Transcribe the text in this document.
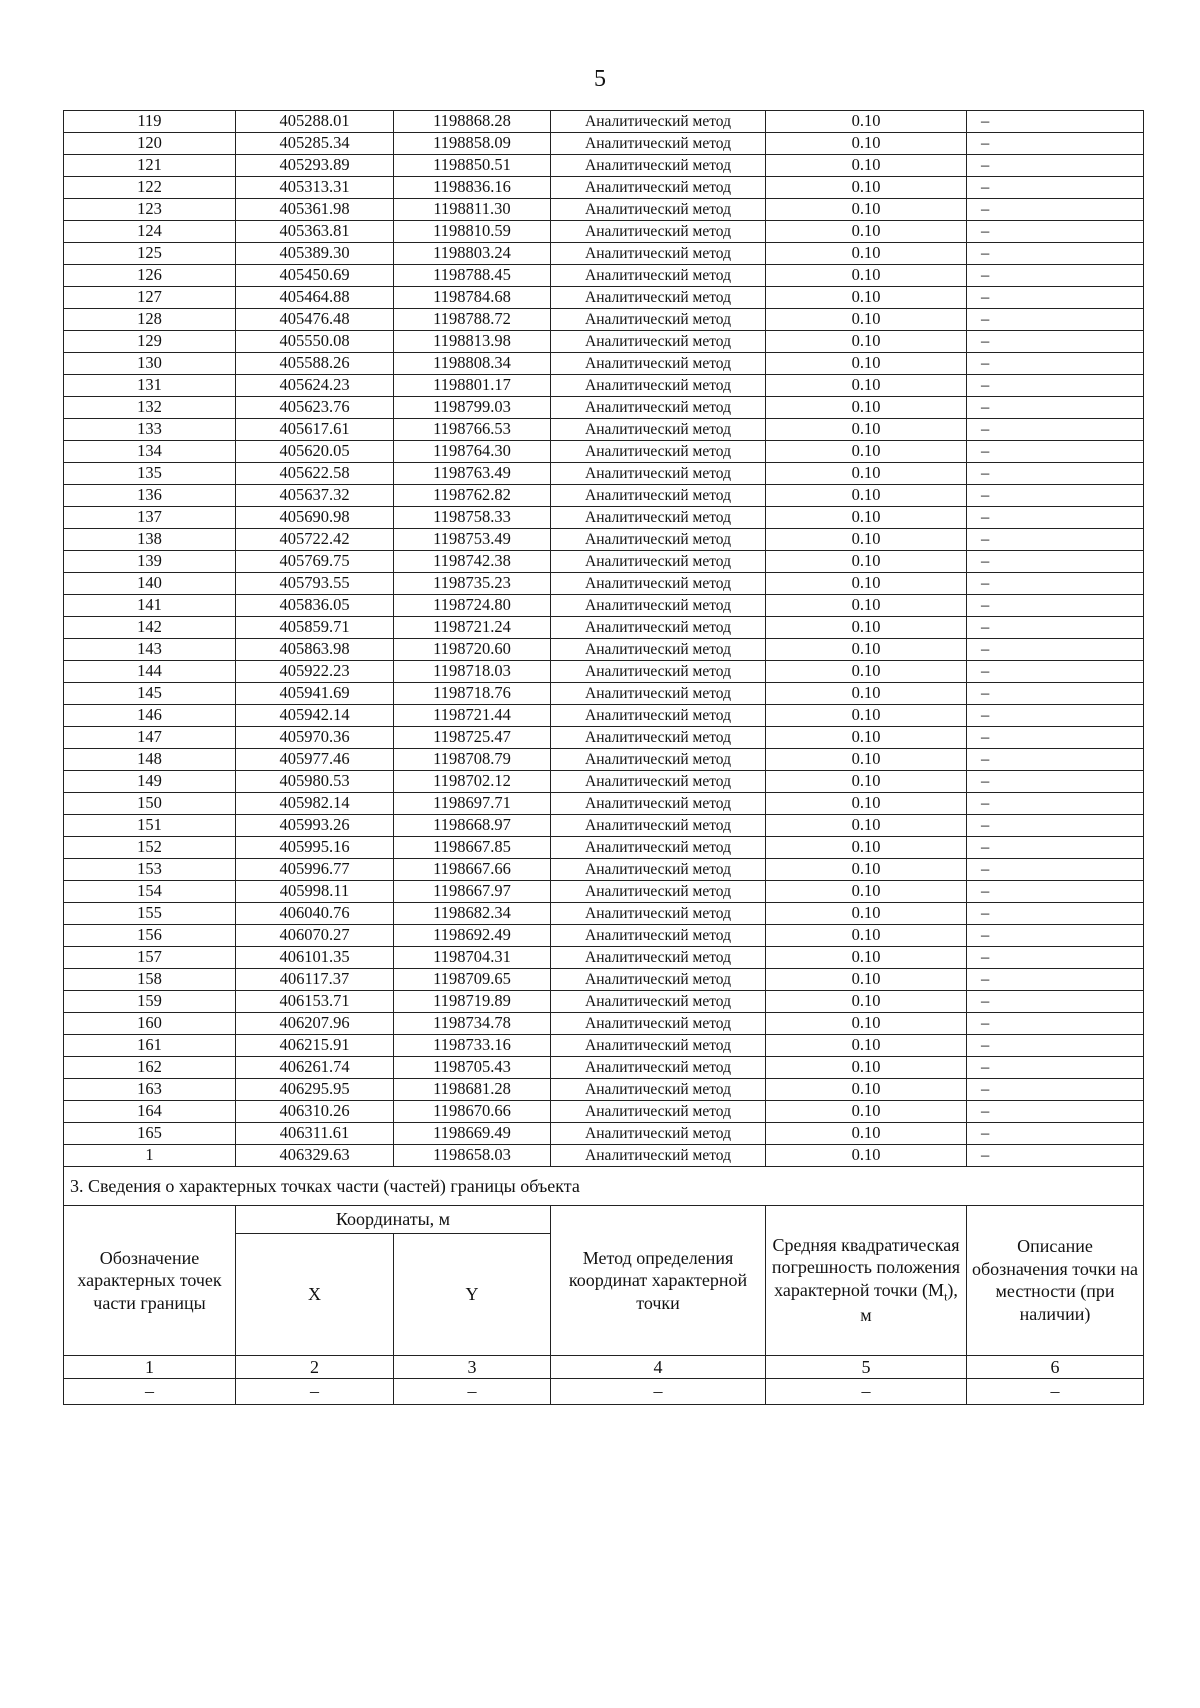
5
119	405288.01	1198868.28	Аналитический метод	0.10	–
120	405285.34	1198858.09	Аналитический метод	0.10	–
121	405293.89	1198850.51	Аналитический метод	0.10	–
122	405313.31	1198836.16	Аналитический метод	0.10	–
123	405361.98	1198811.30	Аналитический метод	0.10	–
124	405363.81	1198810.59	Аналитический метод	0.10	–
125	405389.30	1198803.24	Аналитический метод	0.10	–
126	405450.69	1198788.45	Аналитический метод	0.10	–
127	405464.88	1198784.68	Аналитический метод	0.10	–
128	405476.48	1198788.72	Аналитический метод	0.10	–
129	405550.08	1198813.98	Аналитический метод	0.10	–
130	405588.26	1198808.34	Аналитический метод	0.10	–
131	405624.23	1198801.17	Аналитический метод	0.10	–
132	405623.76	1198799.03	Аналитический метод	0.10	–
133	405617.61	1198766.53	Аналитический метод	0.10	–
134	405620.05	1198764.30	Аналитический метод	0.10	–
135	405622.58	1198763.49	Аналитический метод	0.10	–
136	405637.32	1198762.82	Аналитический метод	0.10	–
137	405690.98	1198758.33	Аналитический метод	0.10	–
138	405722.42	1198753.49	Аналитический метод	0.10	–
139	405769.75	1198742.38	Аналитический метод	0.10	–
140	405793.55	1198735.23	Аналитический метод	0.10	–
141	405836.05	1198724.80	Аналитический метод	0.10	–
142	405859.71	1198721.24	Аналитический метод	0.10	–
143	405863.98	1198720.60	Аналитический метод	0.10	–
144	405922.23	1198718.03	Аналитический метод	0.10	–
145	405941.69	1198718.76	Аналитический метод	0.10	–
146	405942.14	1198721.44	Аналитический метод	0.10	–
147	405970.36	1198725.47	Аналитический метод	0.10	–
148	405977.46	1198708.79	Аналитический метод	0.10	–
149	405980.53	1198702.12	Аналитический метод	0.10	–
150	405982.14	1198697.71	Аналитический метод	0.10	–
151	405993.26	1198668.97	Аналитический метод	0.10	–
152	405995.16	1198667.85	Аналитический метод	0.10	–
153	405996.77	1198667.66	Аналитический метод	0.10	–
154	405998.11	1198667.97	Аналитический метод	0.10	–
155	406040.76	1198682.34	Аналитический метод	0.10	–
156	406070.27	1198692.49	Аналитический метод	0.10	–
157	406101.35	1198704.31	Аналитический метод	0.10	–
158	406117.37	1198709.65	Аналитический метод	0.10	–
159	406153.71	1198719.89	Аналитический метод	0.10	–
160	406207.96	1198734.78	Аналитический метод	0.10	–
161	406215.91	1198733.16	Аналитический метод	0.10	–
162	406261.74	1198705.43	Аналитический метод	0.10	–
163	406295.95	1198681.28	Аналитический метод	0.10	–
164	406310.26	1198670.66	Аналитический метод	0.10	–
165	406311.61	1198669.49	Аналитический метод	0.10	–
1	406329.63	1198658.03	Аналитический метод	0.10	–
3. Сведения о характерных точках части (частей) границы объекта					
Обозначение характерных точек части границы	Координаты, м		Метод определения координат характерной точки	Средняя квадратическая погрешность положения характерной точки $(M_t)$, м	Описание обозначения точки на местности (при наличии)
	X	Y			
1	2	3	4	5	6
–	–	–	–	–	–
